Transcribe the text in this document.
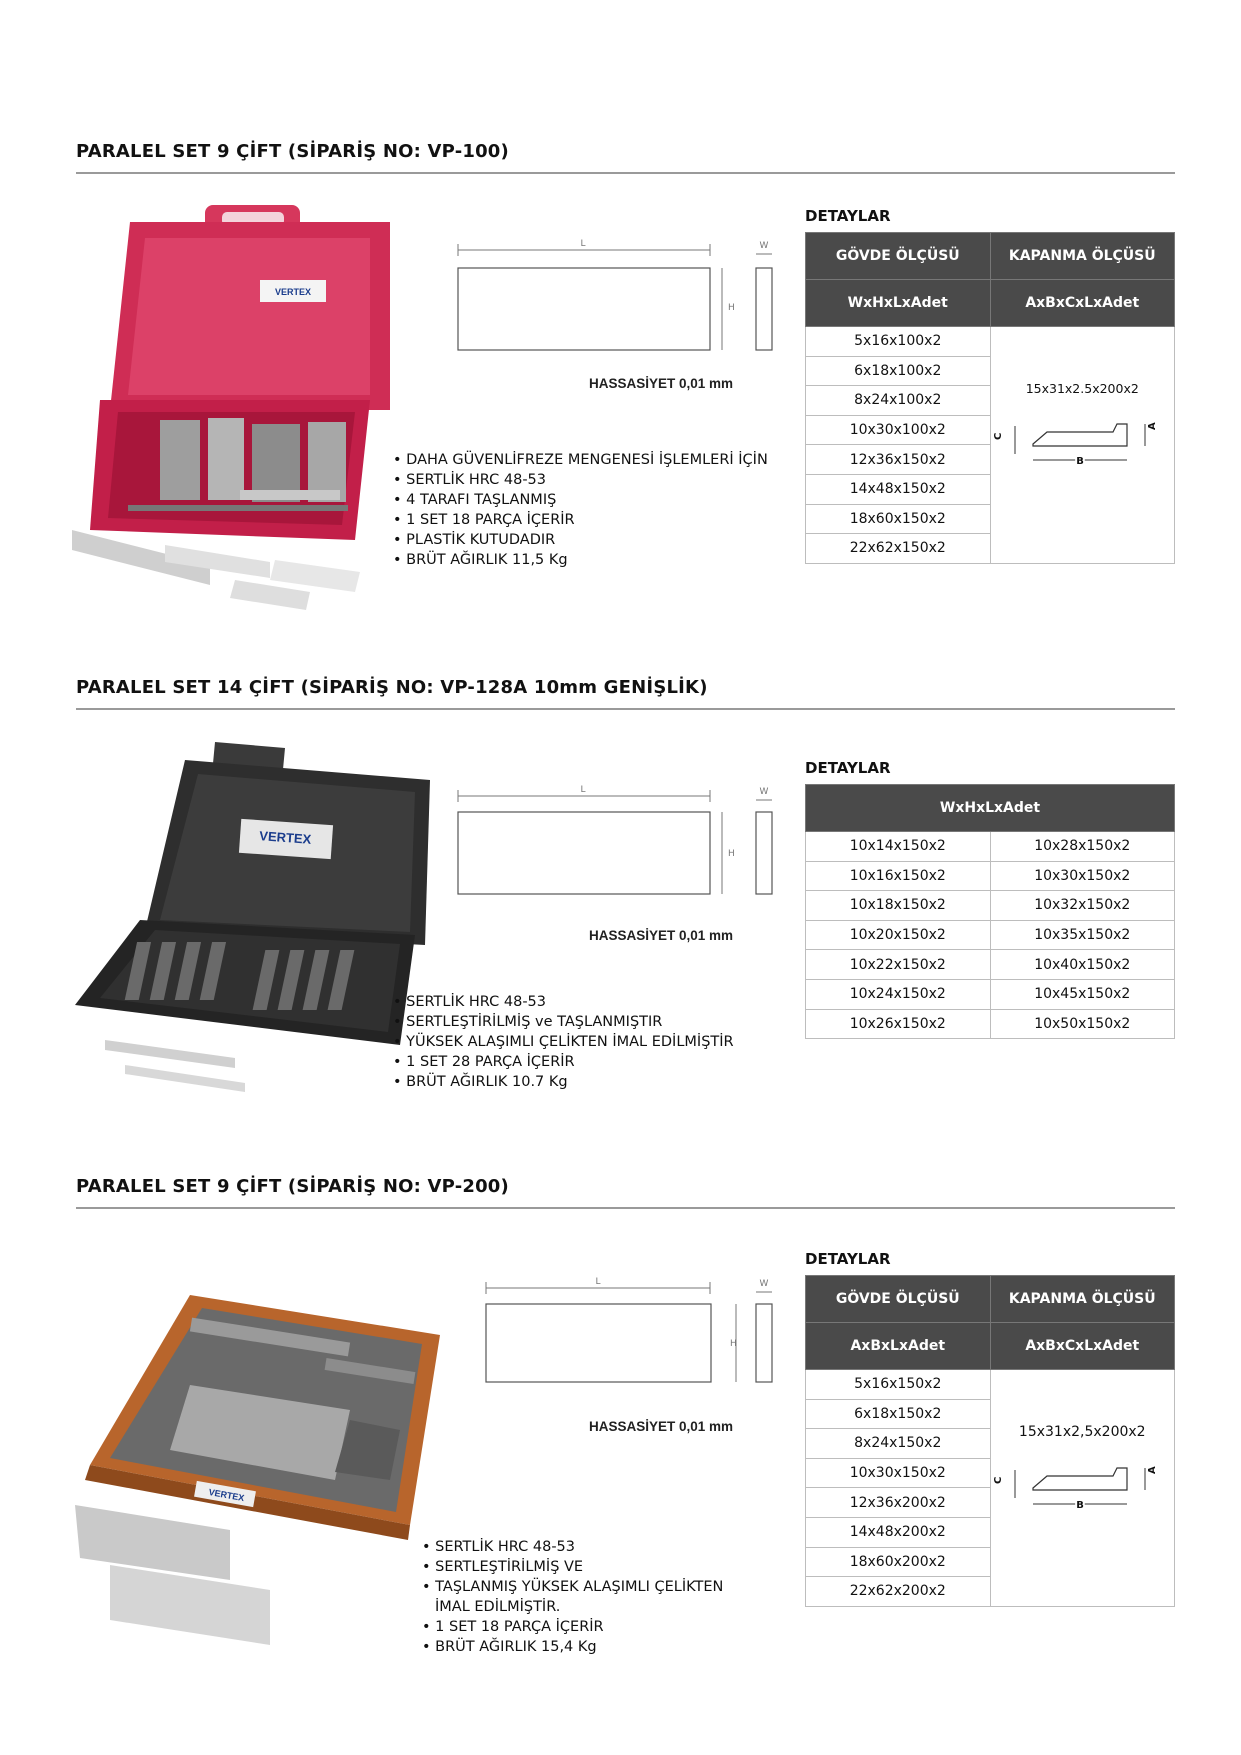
PARALEL SET 9 ÇİFT (SİPARİŞ NO: VP-100)
VERTEX
L
H
W
HASSASİYET 0,01 mm
• DAHA GÜVENLİFREZE MENGENESİ İŞLEMLERİ İÇİN
• SERTLİK HRC 48-53
• 4 TARAFI TAŞLANMIŞ
• 1 SET 18 PARÇA İÇERİR
• PLASTİK KUTUDADIR
• BRÜT AĞIRLIK 11,5 Kg
DETAYLAR
GÖVDE ÖLÇÜSÜ	KAPANMA ÖLÇÜSÜ
WxHxLxAdet	AxBxCxLxAdet
5x16x100x2	15x31x2.5x200x2
C
A
B

6x18x100x2	
8x24x100x2	
10x30x100x2	
12x36x150x2	
14x48x150x2	
18x60x150x2	
22x62x150x2	
PARALEL SET 14 ÇİFT (SİPARİŞ NO: VP-128A 10mm GENİŞLİK)
VERTEX
L
H
W
HASSASİYET 0,01 mm
• SERTLİK HRC 48-53
• SERTLEŞTİRİLMİŞ ve TAŞLANMIŞTIR
• YÜKSEK ALAŞIMLI ÇELİKTEN İMAL EDİLMİŞTİR
• 1 SET 28 PARÇA İÇERİR
• BRÜT AĞIRLIK 10.7 Kg
DETAYLAR
WxHxLxAdet	
10x14x150x2	10x28x150x2
10x16x150x2	10x30x150x2
10x18x150x2	10x32x150x2
10x20x150x2	10x35x150x2
10x22x150x2	10x40x150x2
10x24x150x2	10x45x150x2
10x26x150x2	10x50x150x2
PARALEL SET 9 ÇİFT (SİPARİŞ NO: VP-200)
VERTEX
L
H
W
HASSASİYET 0,01 mm
• SERTLİK HRC 48-53
• SERTLEŞTİRİLMİŞ VE
• TAŞLANMIŞ YÜKSEK ALAŞIMLI ÇELİKTEN
İMAL EDİLMİŞTİR.
• 1 SET 18 PARÇA İÇERİR
• BRÜT AĞIRLIK 15,4 Kg
DETAYLAR
GÖVDE ÖLÇÜSÜ	KAPANMA ÖLÇÜSÜ
AxBxLxAdet	AxBxCxLxAdet
5x16x150x2	15x31x2,5x200x2
C
A
B

6x18x150x2	
8x24x150x2	
10x30x150x2	
12x36x200x2	
14x48x200x2	
18x60x200x2	
22x62x200x2	
